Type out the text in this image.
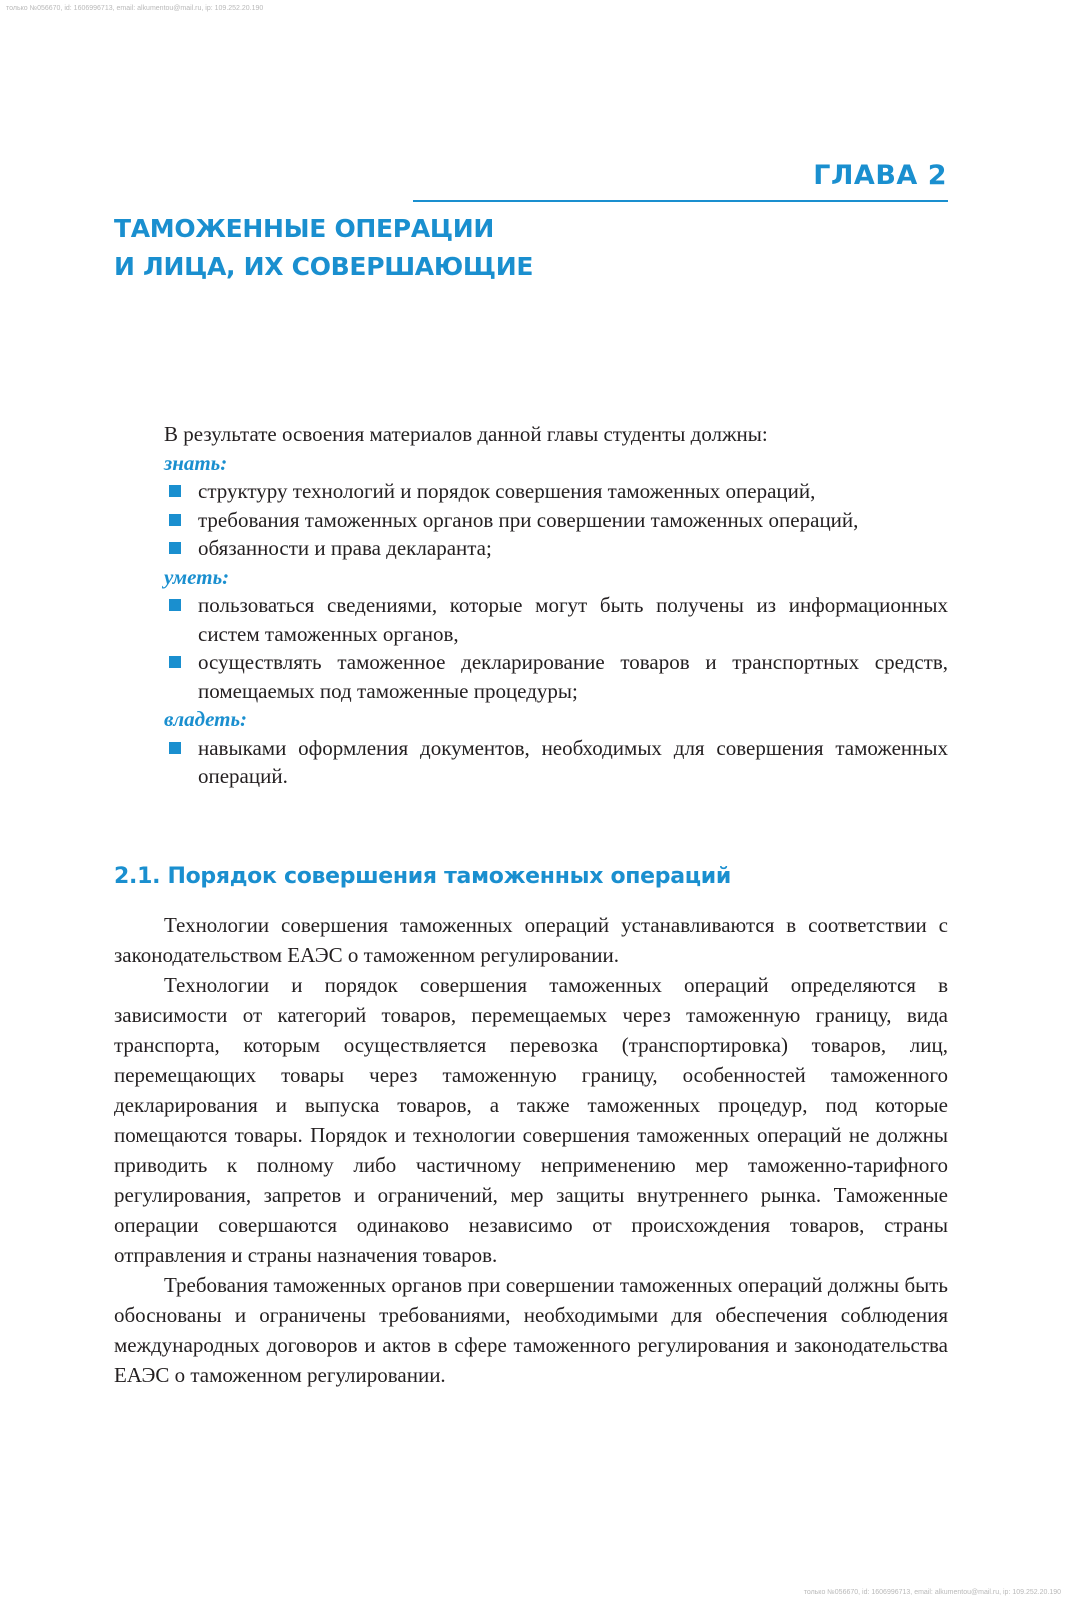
только №056670, id: 1606996713, email: alkumentou@mail.ru, ip: 109.252.20.190
ГЛАВА 2
ТАМОЖЕННЫЕ ОПЕРАЦИИ
И ЛИЦА, ИХ СОВЕРШАЮЩИЕ

В результате освоения материалов данной главы студенты должны:

знать:

структуру технологий и порядок совершения таможенных операций,
требования таможенных органов при совершении таможенных операций,
обязанности и права декларанта;

уметь:

пользоваться сведениями, которые могут быть получены из информационных систем таможенных органов,
осуществлять таможенное декларирование товаров и транспортных средств, помещаемых под таможенные процедуры;

владеть:

навыками оформления документов, необходимых для совершения таможенных операций.
2.1. Порядок совершения таможенных операций

Технологии совершения таможенных операций устанавливаются в соответствии с законодательством ЕАЭС о таможенном регулировании.

Технологии и порядок совершения таможенных операций определяются в зависимости от категорий товаров, перемещаемых через таможенную границу, вида транспорта, которым осуществляется перевозка (транспортировка) товаров, лиц, перемещающих товары через таможенную границу, особенностей таможенного декларирования и выпуска товаров, а также таможенных процедур, под которые помещаются товары. Порядок и технологии совершения таможенных операций не должны приводить к полному либо частичному неприменению мер таможенно-тарифного регулирования, запретов и ограничений, мер защиты внутреннего рынка. Таможенные операции совершаются одинаково независимо от происхождения товаров, страны отправления и страны назначения товаров.

Требования таможенных органов при совершении таможенных операций должны быть обоснованы и ограничены требованиями, необходимыми для обеспечения соблюдения международных договоров и актов в сфере таможенного регулирования и законодательства ЕАЭС о таможенном регулировании.

только №056670, id: 1606996713, email: alkumentou@mail.ru, ip: 109.252.20.190
